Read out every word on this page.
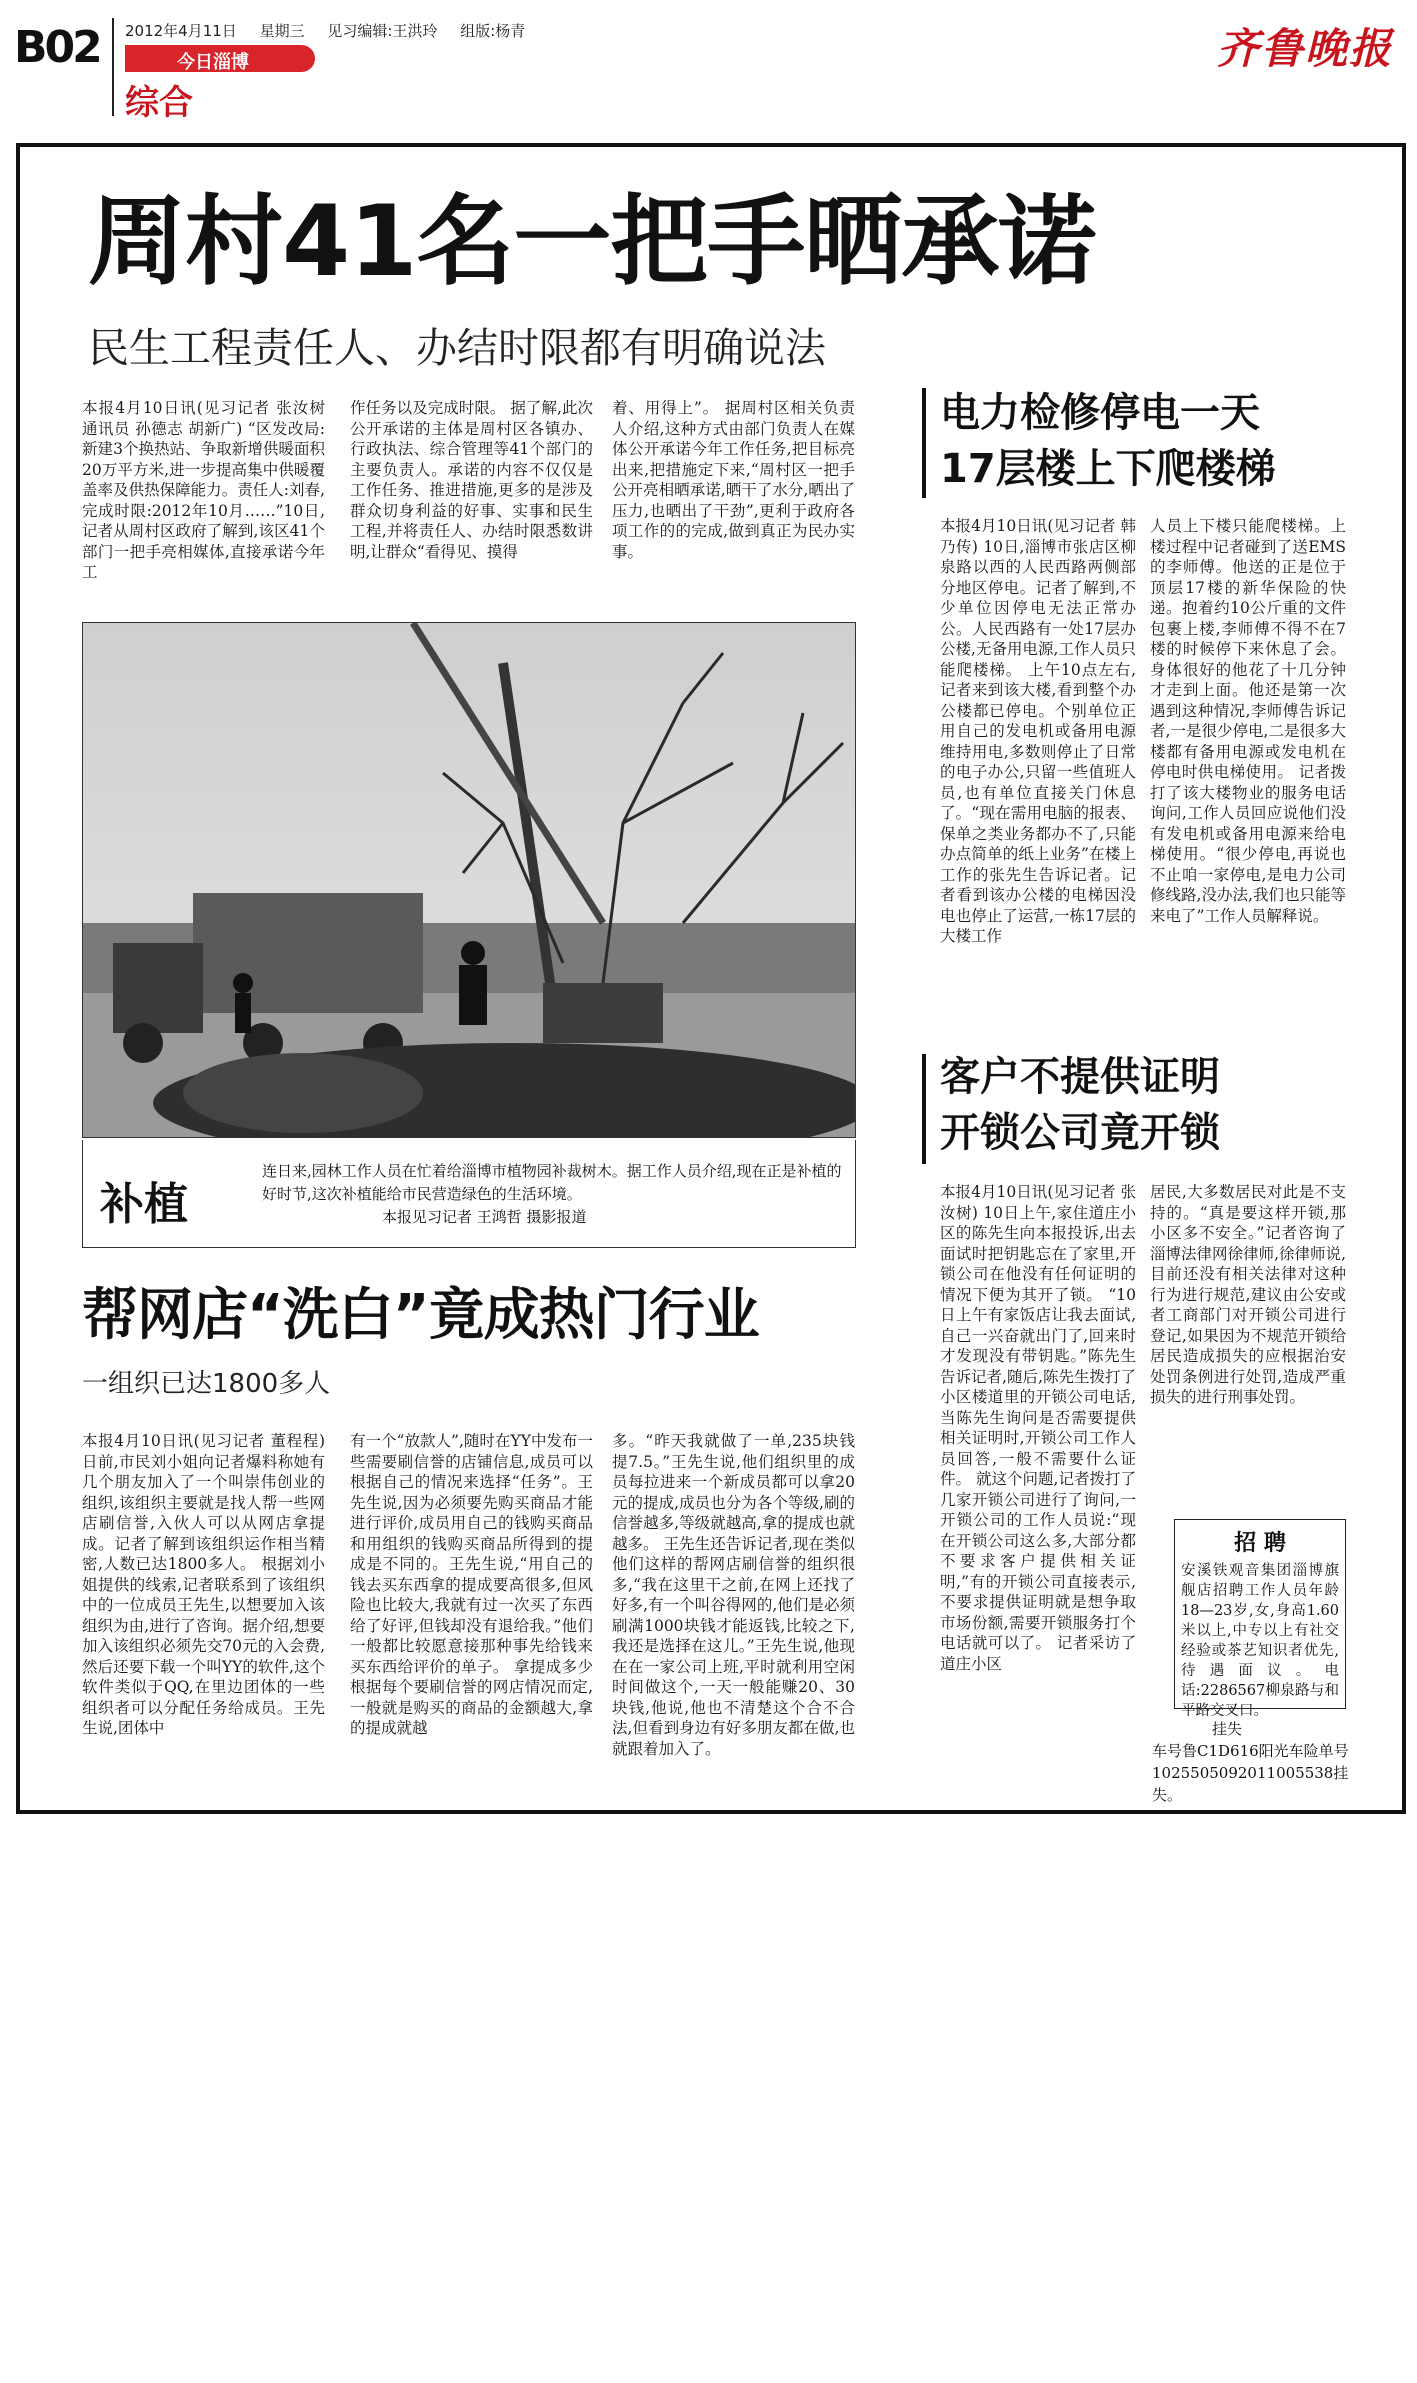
B02 2012年4月11日 星期三 见习编辑:王洪玲 组版:杨青
今日淄博
综合
齐鲁晚报
周村41名一把手晒承诺
民生工程责任人、办结时限都有明确说法
本报4月10日讯(见习记者 张汝树 通讯员 孙德志 胡新广) “区发改局:新建3个换热站、争取新增供暖面积20万平方米,进一步提高集中供暖覆盖率及供热保障能力。责任人:刘春,完成时限:2012年10月……”10日,记者从周村区政府了解到,该区41个部门一把手亮相媒体,直接承诺今年工
作任务以及完成时限。 据了解,此次公开承诺的主体是周村区各镇办、行政执法、综合管理等41个部门的主要负责人。承诺的内容不仅仅是工作任务、推进措施,更多的是涉及群众切身利益的好事、实事和民生工程,并将责任人、办结时限悉数讲明,让群众“看得见、摸得
着、用得上”。 据周村区相关负责人介绍,这种方式由部门负责人在媒体公开承诺今年工作任务,把目标亮出来,把措施定下来,“周村区一把手公开亮相晒承诺,晒干了水分,晒出了压力,也晒出了干劲”,更利于政府各项工作的的完成,做到真正为民办实事。
补植
连日来,园林工作人员在忙着给淄博市植物园补裁树木。据工作人员介绍,现在正是补植的好时节,这次补植能给市民营造绿色的生活环境。
本报见习记者 王鸿哲 摄影报道
电力检修停电一天
17层楼上下爬楼梯
本报4月10日讯(见习记者 韩乃传) 10日,淄博市张店区柳泉路以西的人民西路两侧部分地区停电。记者了解到,不少单位因停电无法正常办公。人民西路有一处17层办公楼,无备用电源,工作人员只能爬楼梯。 上午10点左右,记者来到该大楼,看到整个办公楼都已停电。个别单位正用自己的发电机或备用电源维持用电,多数则停止了日常的电子办公,只留一些值班人员,也有单位直接关门休息了。“现在需用电脑的报表、保单之类业务都办不了,只能办点简单的纸上业务”在楼上工作的张先生告诉记者。记者看到该办公楼的电梯因没电也停止了运营,一栋17层的大楼工作
人员上下楼只能爬楼梯。上楼过程中记者碰到了送EMS的李师傅。他送的正是位于顶层17楼的新华保险的快递。抱着约10公斤重的文件包裹上楼,李师傅不得不在7楼的时候停下来休息了会。身体很好的他花了十几分钟才走到上面。他还是第一次遇到这种情况,李师傅告诉记者,一是很少停电,二是很多大楼都有备用电源或发电机在停电时供电梯使用。 记者拨打了该大楼物业的服务电话询问,工作人员回应说他们没有发电机或备用电源来给电梯使用。“很少停电,再说也不止咱一家停电,是电力公司修线路,没办法,我们也只能等来电了”工作人员解释说。
客户不提供证明
开锁公司竟开锁
本报4月10日讯(见习记者 张汝树) 10日上午,家住道庄小区的陈先生向本报投诉,出去面试时把钥匙忘在了家里,开锁公司在他没有任何证明的情况下便为其开了锁。 “10日上午有家饭店让我去面试,自己一兴奋就出门了,回来时才发现没有带钥匙。”陈先生告诉记者,随后,陈先生拨打了小区楼道里的开锁公司电话,当陈先生询问是否需要提供相关证明时,开锁公司工作人员回答,一般不需要什么证件。 就这个问题,记者拨打了几家开锁公司进行了询问,一开锁公司的工作人员说:“现在开锁公司这么多,大部分都不要求客户提供相关证明,”有的开锁公司直接表示,不要求提供证明就是想争取市场份额,需要开锁服务打个电话就可以了。 记者采访了道庄小区
居民,大多数居民对此是不支持的。“真是要这样开锁,那小区多不安全。”记者咨询了淄博法律网徐律师,徐律师说,目前还没有相关法律对这种行为进行规范,建议由公安或者工商部门对开锁公司进行登记,如果因为不规范开锁给居民造成损失的应根据治安处罚条例进行处罚,造成严重损失的进行刑事处罚。
帮网店“洗白”竟成热门行业
一组织已达1800多人
本报4月10日讯(见习记者 董程程) 日前,市民刘小姐向记者爆料称她有几个朋友加入了一个叫崇伟创业的组织,该组织主要就是找人帮一些网店刷信誉,入伙人可以从网店拿提成。记者了解到该组织运作相当精密,人数已达1800多人。 根据刘小姐提供的线索,记者联系到了该组织中的一位成员王先生,以想要加入该组织为由,进行了咨询。据介绍,想要加入该组织必须先交70元的入会费,然后还要下载一个叫YY的软件,这个软件类似于QQ,在里边团体的一些组织者可以分配任务给成员。王先生说,团体中
有一个“放款人”,随时在YY中发布一些需要刷信誉的店铺信息,成员可以根据自己的情况来选择“任务”。王先生说,因为必须要先购买商品才能进行评价,成员用自己的钱购买商品和用组织的钱购买商品所得到的提成是不同的。王先生说,“用自己的钱去买东西拿的提成要高很多,但风险也比较大,我就有过一次买了东西给了好评,但钱却没有退给我。”他们一般都比较愿意接那种事先给钱来买东西给评价的单子。 拿提成多少根据每个要刷信誉的网店情况而定,一般就是购买的商品的金额越大,拿的提成就越
多。“昨天我就做了一单,235块钱提7.5。”王先生说,他们组织里的成员每拉进来一个新成员都可以拿20元的提成,成员也分为各个等级,刷的信誉越多,等级就越高,拿的提成也就越多。 王先生还告诉记者,现在类似他们这样的帮网店刷信誉的组织很多,“我在这里干之前,在网上还找了好多,有一个叫谷得网的,他们是必须刷满1000块钱才能返钱,比较之下,我还是选择在这儿。”王先生说,他现在在一家公司上班,平时就利用空闲时间做这个,一天一般能赚20、30块钱,他说,他也不清楚这个合不合法,但看到身边有好多朋友都在做,也就跟着加入了。
招 聘
安溪铁观音集团淄博旗舰店招聘工作人员年龄18—23岁,女,身高1.60米以上,中专以上有社交经验或茶艺知识者优先,待遇面议。电话:2286567柳泉路与和平路交叉口。
挂失
车号鲁C1D616阳光车险单号1025505092011005538挂失。
